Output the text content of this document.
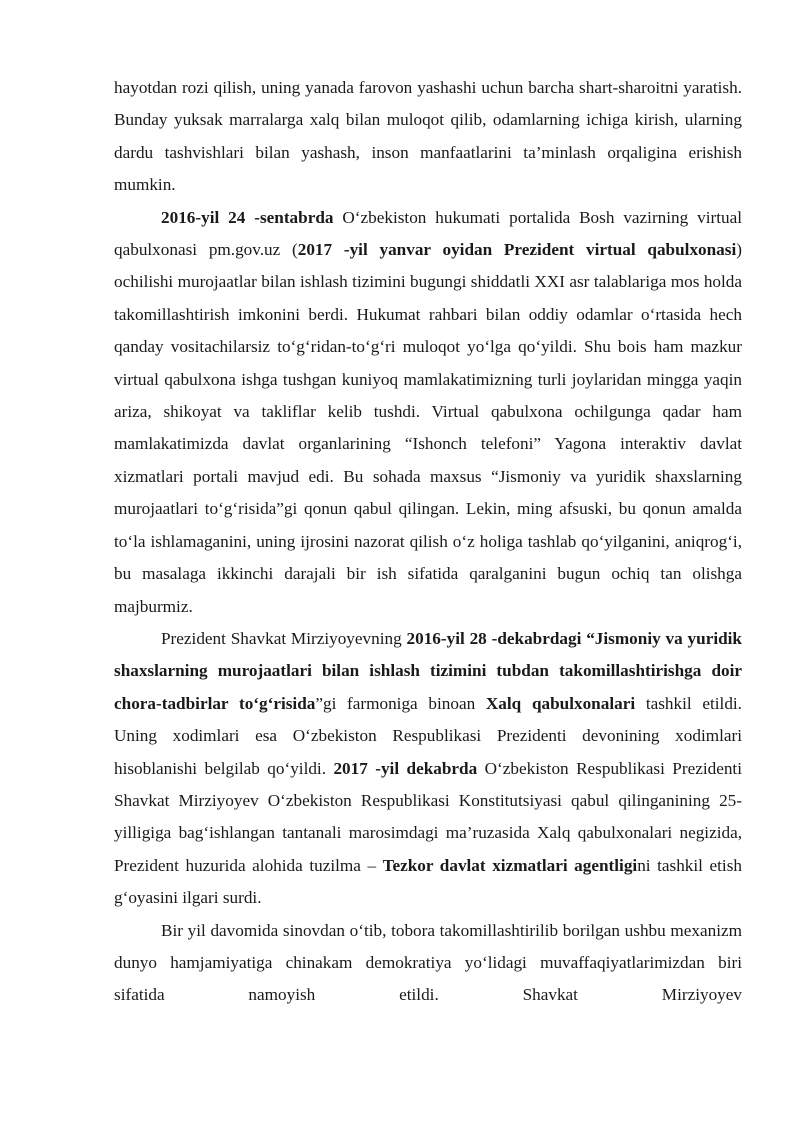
hayotdan rozi qilish, uning yanada farovon yashashi uchun barcha shart-sharoitni yaratish. Bunday yuksak marralarga xalq bilan muloqot qilib, odamlarning ichiga kirish, ularning dardu tashvishlari bilan yashash, inson manfaatlarini ta’minlash orqaligina erishish mumkin.

2016-yil 24 -sentabrda O‘zbekiston hukumati portalida Bosh vazirning virtual qabulxonasi pm.gov.uz (2017 -yil yanvar oyidan Prezident virtual qabulxonasi) ochilishi murojaatlar bilan ishlash tizimini bugungi shiddatli XXI asr talablariga mos holda takomillashtirish imkonini berdi. Hukumat rahbari bilan oddiy odamlar o‘rtasida hech qanday vositachilarsiz to‘g‘ridan-to‘g‘ri muloqot yo‘lga qo‘yildi. Shu bois ham mazkur virtual qabulxona ishga tushgan kuniyoq mamlakatimizning turli joylaridan mingga yaqin ariza, shikoyat va takliflar kelib tushdi. Virtual qabulxona ochilgunga qadar ham mamlakatimizda davlat organlarining “Ishonch telefoni” Yagona interaktiv davlat xizmatlari portali mavjud edi. Bu sohada maxsus “Jismoniy va yuridik shaxslarning murojaatlari to‘g‘risida”gi qonun qabul qilingan. Lekin, ming afsuski, bu qonun amalda to‘la ishlamaganini, uning ijrosini nazorat qilish o‘z holiga tashlab qo‘yilganini, aniqrog‘i, bu masalaga ikkinchi darajali bir ish sifatida qaralganini bugun ochiq tan olishga majburmiz.

Prezident Shavkat Mirziyoyevning 2016-yil 28 -dekabrdagi “Jismoniy va yuridik shaxslarning murojaatlari bilan ishlash tizimini tubdan takomillashtirishga doir chora-tadbirlar to‘g‘risida”gi farmoniga binoan Xalq qabulxonalari tashkil etildi. Uning xodimlari esa O‘zbekiston Respublikasi Prezidenti devonining xodimlari hisoblanishi belgilab qo‘yildi. 2017 -yil dekabrda O‘zbekiston Respublikasi Prezidenti Shavkat Mirziyoyev O‘zbekiston Respublikasi Konstitutsiyasi qabul qilinganining 25-yilligiga bag‘ishlangan tantanali marosimdagi ma’ruzasida Xalq qabulxonalari negizida, Prezident huzurida alohida tuzilma – Tezkor davlat xizmatlari agentligini tashkil etish g‘oyasini ilgari surdi.

Bir yil davomida sinovdan o‘tib, tobora takomillashtirilib borilgan ushbu mexanizm dunyo hamjamiyatiga chinakam demokratiya yo‘lidagi muvaffaqiyatlarimizdan biri sifatida namoyish etildi. Shavkat Mirziyoyev
